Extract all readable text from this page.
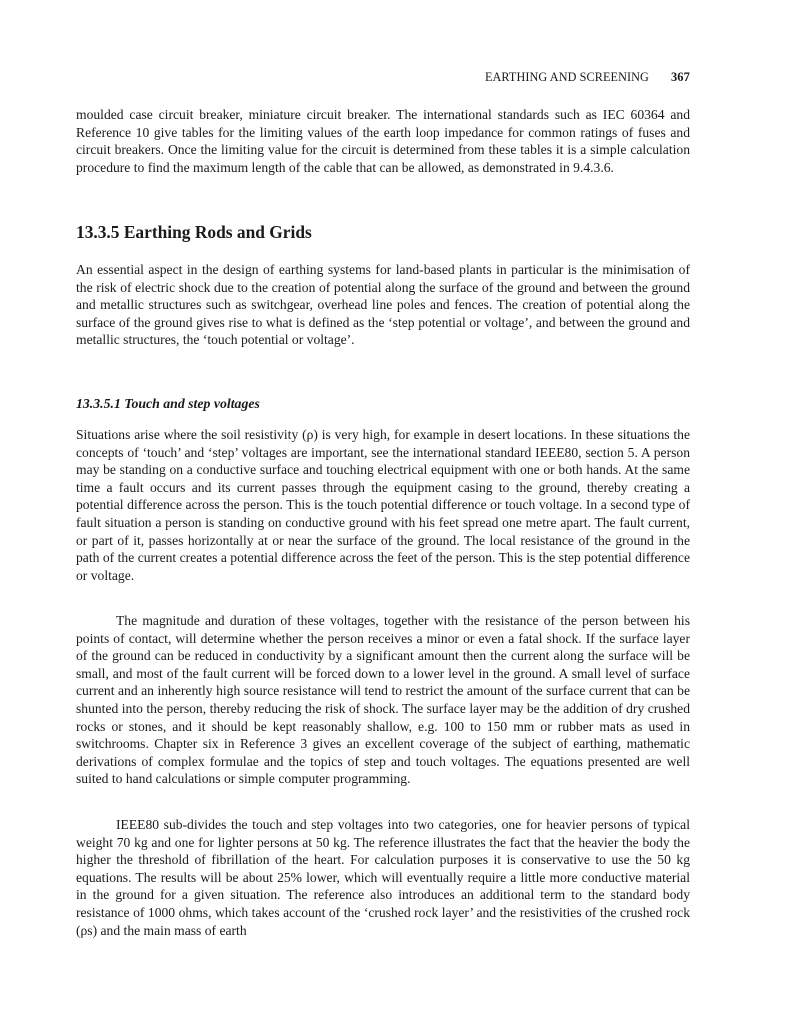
EARTHING AND SCREENING 367

moulded case circuit breaker, miniature circuit breaker. The international standards such as IEC 60364 and Reference 10 give tables for the limiting values of the earth loop impedance for common ratings of fuses and circuit breakers. Once the limiting value for the circuit is determined from these tables it is a simple calculation procedure to find the maximum length of the cable that can be allowed, as demonstrated in 9.4.3.6.

13.3.5 Earthing Rods and Grids

An essential aspect in the design of earthing systems for land-based plants in particular is the minimisation of the risk of electric shock due to the creation of potential along the surface of the ground and between the ground and metallic structures such as switchgear, overhead line poles and fences. The creation of potential along the surface of the ground gives rise to what is defined as the ‘step potential or voltage’, and between the ground and metallic structures, the ‘touch potential or voltage’.

13.3.5.1 Touch and step voltages

Situations arise where the soil resistivity (ρ) is very high, for example in desert locations. In these situations the concepts of ‘touch’ and ‘step’ voltages are important, see the international standard IEEE80, section 5. A person may be standing on a conductive surface and touching electrical equipment with one or both hands. At the same time a fault occurs and its current passes through the equipment casing to the ground, thereby creating a potential difference across the person. This is the touch potential difference or touch voltage. In a second type of fault situation a person is standing on conductive ground with his feet spread one metre apart. The fault current, or part of it, passes horizontally at or near the surface of the ground. The local resistance of the ground in the path of the current creates a potential difference across the feet of the person. This is the step potential difference or voltage.

The magnitude and duration of these voltages, together with the resistance of the person between his points of contact, will determine whether the person receives a minor or even a fatal shock. If the surface layer of the ground can be reduced in conductivity by a significant amount then the current along the surface will be small, and most of the fault current will be forced down to a lower level in the ground. A small level of surface current and an inherently high source resistance will tend to restrict the amount of the surface current that can be shunted into the person, thereby reducing the risk of shock. The surface layer may be the addition of dry crushed rocks or stones, and it should be kept reasonably shallow, e.g. 100 to 150 mm or rubber mats as used in switchrooms. Chapter six in Reference 3 gives an excellent coverage of the subject of earthing, mathematic derivations of complex formulae and the topics of step and touch voltages. The equations presented are well suited to hand calculations or simple computer programming.

IEEE80 sub-divides the touch and step voltages into two categories, one for heavier persons of typical weight 70 kg and one for lighter persons at 50 kg. The reference illustrates the fact that the heavier the body the higher the threshold of fibrillation of the heart. For calculation purposes it is conservative to use the 50 kg equations. The results will be about 25% lower, which will eventually require a little more conductive material in the ground for a given situation. The reference also introduces an additional term to the standard body resistance of 1000 ohms, which takes account of the ‘crushed rock layer’ and the resistivities of the crushed rock (ρs) and the main mass of earth
